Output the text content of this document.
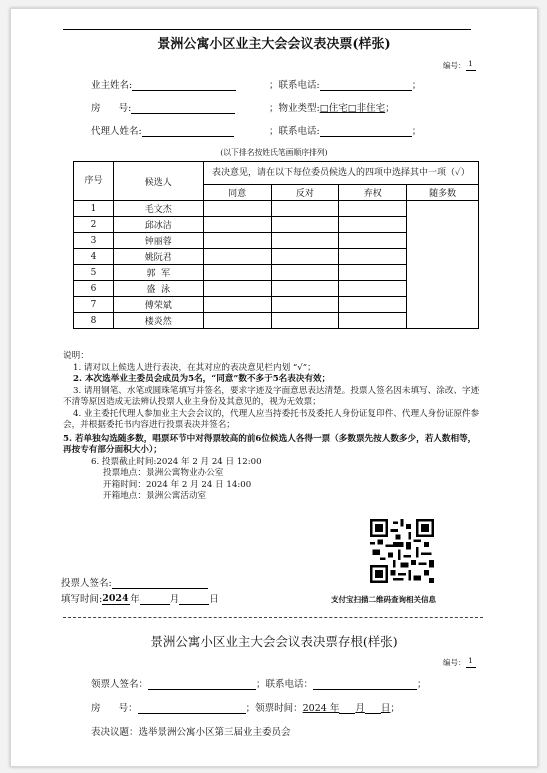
景洲公寓小区业主大会会议表决票(样张)
编号： 1
业主姓名:	；联系电话:	；
房      号:	；物业类型:□住宅□非住宅；
代理人姓名:	；联系电话:	；
(以下排名按姓氏笔画顺序排列)
序号	候选人	表决意见，请在以下每位委员候选人的四项中选择其中一项（✓）			
		同意	反对	弃权	随多数
1	毛文杰				
2	邱冰洁				
3	钟丽蓉				
4	姚阮君				
5	郭  军				
6	盛  泳				
7	傅荣斌				
8	楼炎然				
说明：
1. 请对以上候选人进行表决，在其对应的表决意见栏内划 “√”；
2. 本次选举业主委员会成员为5名，“同意”数不多于5名表决有效；
3. 请用钢笔、水笔或圆珠笔填写并签名，要求字迹及字面意思表达清楚。投票人签名因未填写、涂改、字迹不清等原因造成无法辨认投票人业主身份及其意见的，视为无效票；
4. 业主委托代理人参加业主大会会议的，代理人应当持委托书及委托人身份证复印件、代理人身份证原件参会，并根据委托书内容进行投票表决并签名；
5. 若单独勾选随多数，唱票环节中对得票较高的前6位候选人各得一票（多数票先按人数多少，若人数相等，再按专有部分面积大小）；
6. 投票截止时间:2024 年 2 月 24 日 12:00
投票地点：景洲公寓物业办公室
开箱时间：2024 年 2 月 24 日 14:00
开箱地点：景洲公寓活动室
投票人签名:
填写时间:2024 年	月	日	支付宝扫描二维码查询相关信息
景洲公寓小区业主大会会议表决票存根(样张)
编号： 1
领票人签名：	；联系电话：	；
房      号：	；领票时间：2024 年 月 日；
表决议题：选举景洲公寓小区第三届业主委员会
